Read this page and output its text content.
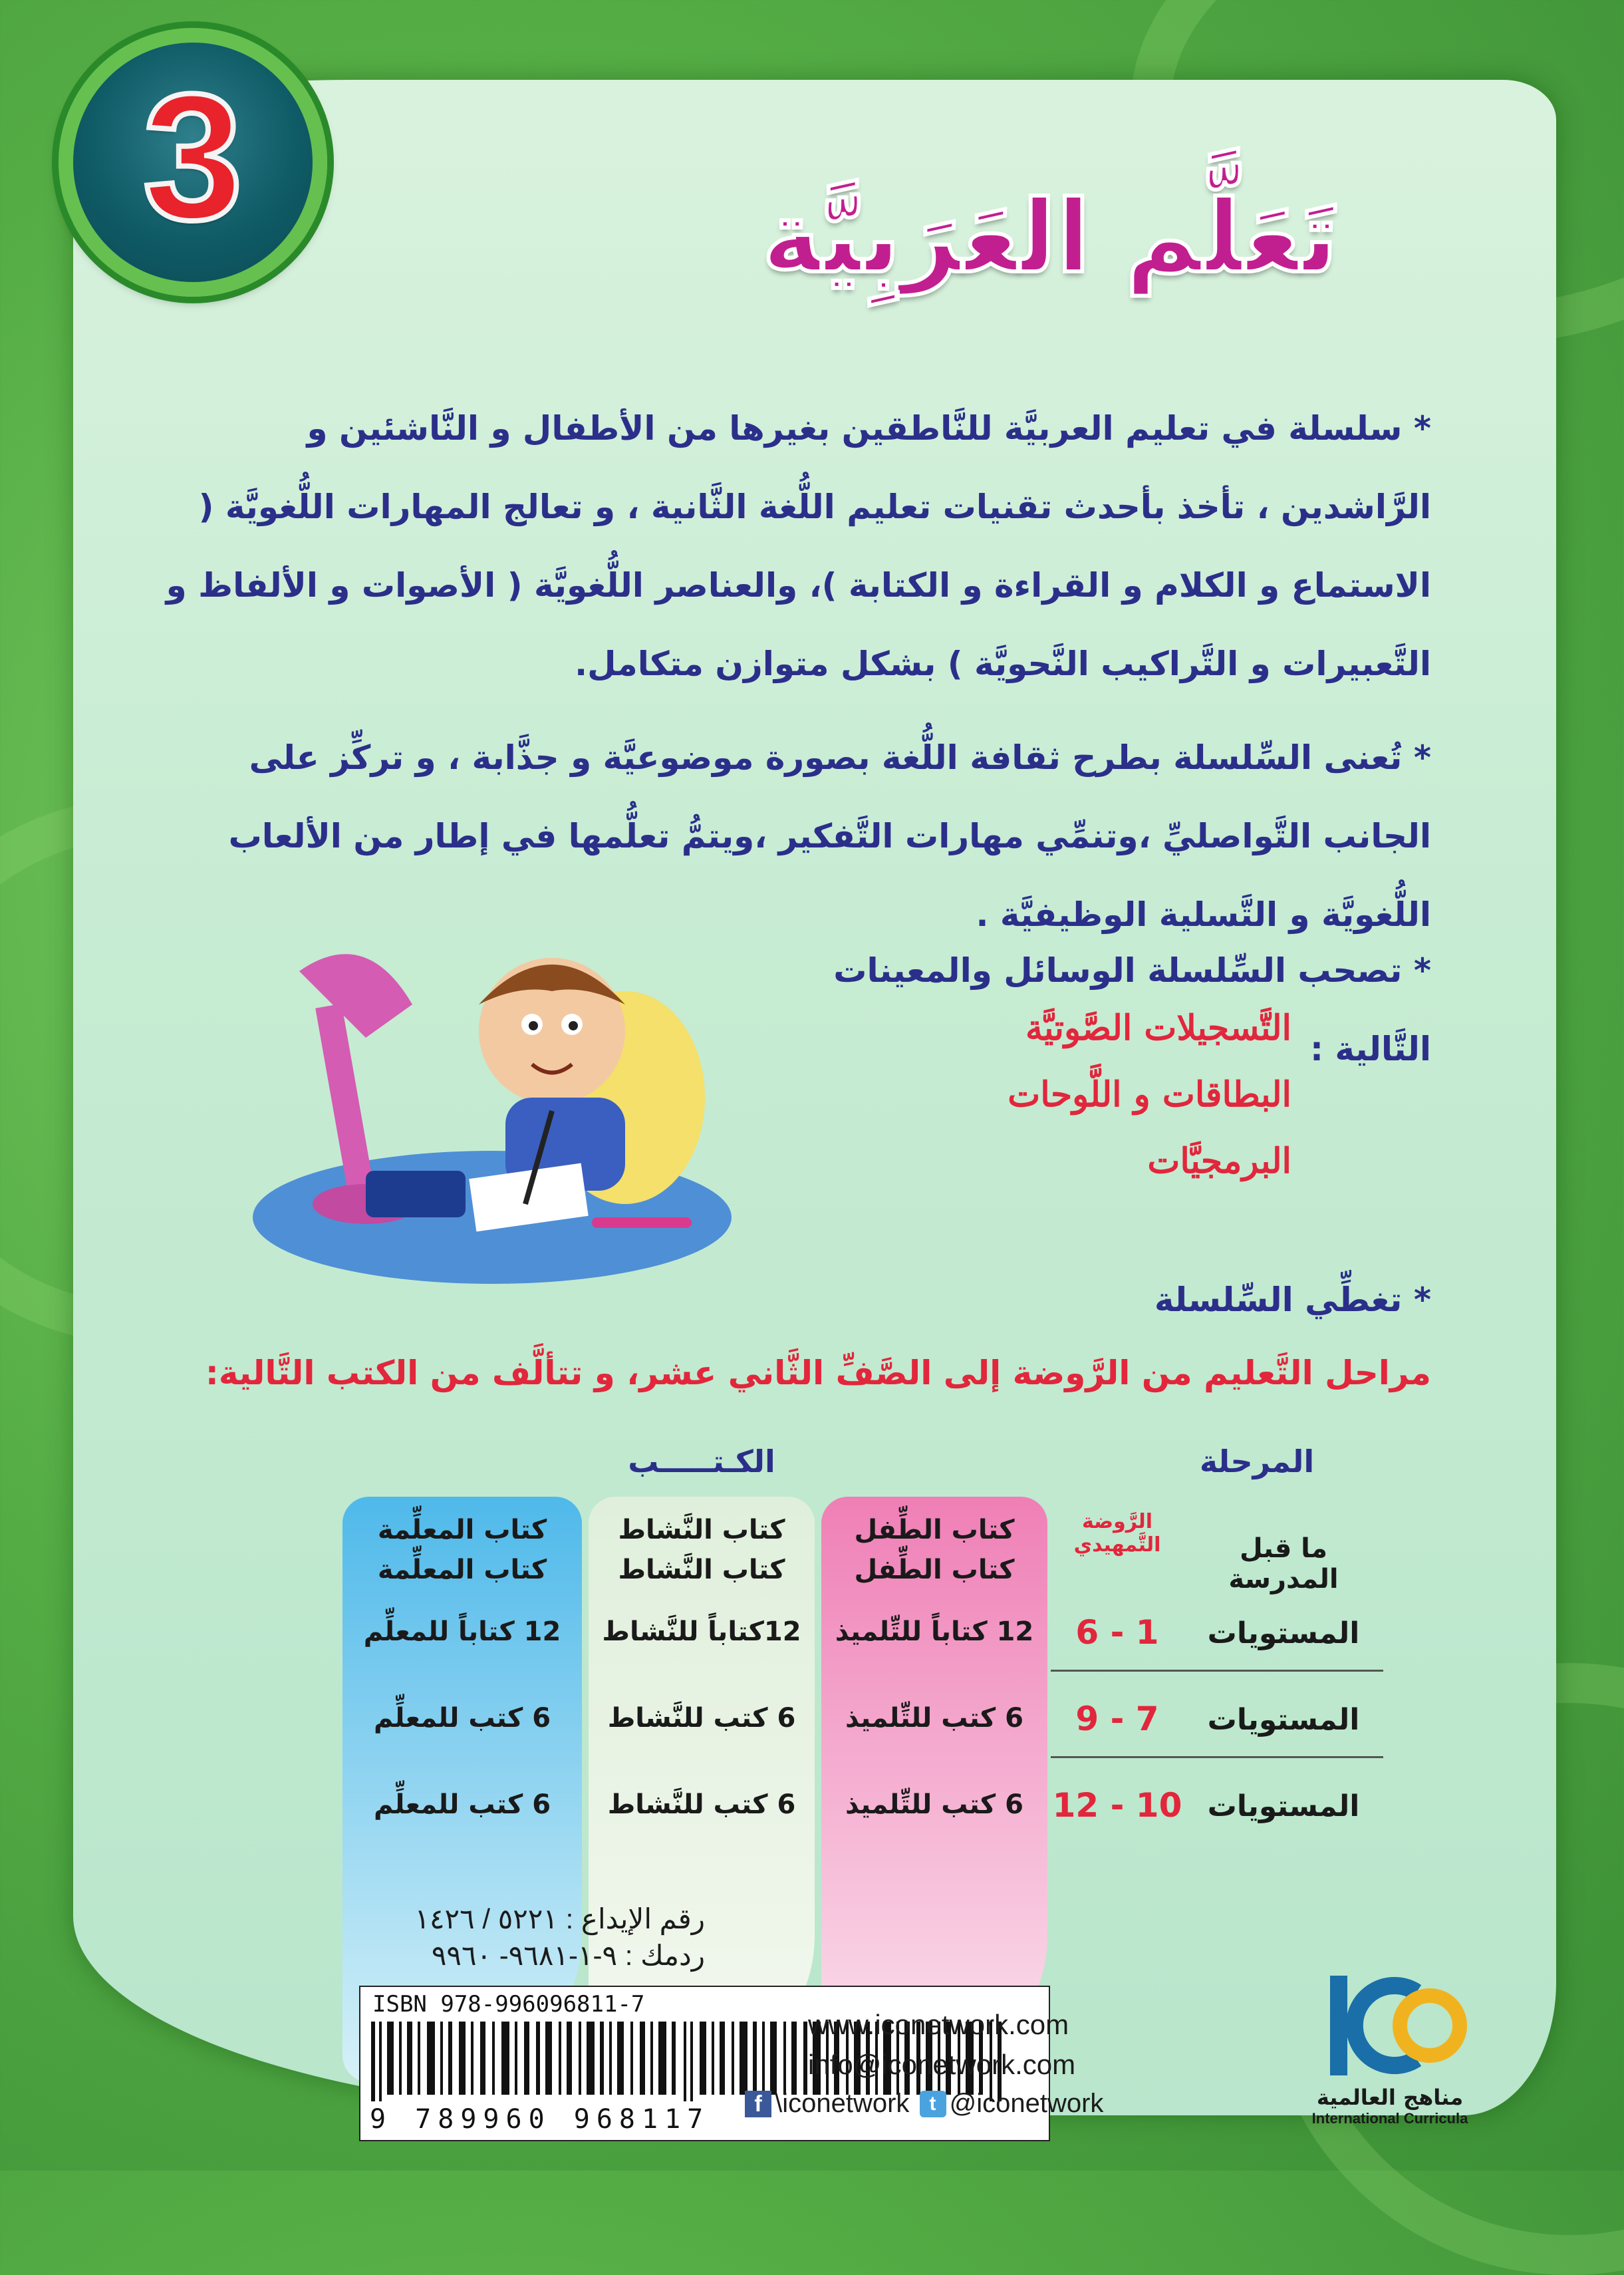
3	تَعَلَّم العَرَبِيَّة
* سلسلة في تعليم العربيَّة للنَّاطقين بغيرها من الأطفال و النَّاشئين و الرَّاشدين ، تأخذ بأحدث تقنيات تعليم اللُّغة الثَّانية ، و تعالج المهارات اللُّغويَّة ( الاستماع و الكلام و القراءة و الكتابة )، والعناصر اللُّغويَّة ( الأصوات و الألفاظ و التَّعبيرات و التَّراكيب النَّحويَّة ) بشكل متوازن متكامل.
* تُعنى السِّلسلة بطرح ثقافة اللُّغة بصورة موضوعيَّة و جذَّابة ، و تركِّز على الجانب التَّواصليِّ ،وتنمِّي مهارات التَّفكير ،ويتمُّ تعلُّمها في إطار من الألعاب اللُّغويَّة و التَّسلية الوظيفيَّة .
* تصحب السِّلسلة الوسائل والمعينات التَّالية :
التَّسجيلات الصَّوتيَّة
البطاقات و اللَّوحات
البرمجيَّات
* تغطِّي السِّلسلة
مراحل التَّعليم من الرَّوضة إلى الصَّفِّ الثَّاني عشر، و تتألَّف من الكتب التَّالية:
المرحلة
الكـتـــــب
ما قبل المدرسة
الرَّوضة
التَّمهيدي
كتاب الطِّفل
كتاب الطِّفل
كتاب النَّشاط
كتاب النَّشاط
كتاب المعلِّمة
كتاب المعلِّمة
المستويات
1 - 6
12 كتاباً للتِّلميذ
12كتاباً للنَّشاط
12 كتاباً للمعلِّم
المستويات
7 - 9
6 كتب للتِّلميذ
6 كتب للنَّشاط
6 كتب للمعلِّم
المستويات
10 - 12
6 كتب للتِّلميذ
6 كتب للنَّشاط
6 كتب للمعلِّم
رقم الإيداع : ٥٢٢١ / ١٤٢٦
ردمك : ٩-١-٩٦٨١- ٩٩٦٠
ISBN 978-996096811-7
9 789960 968117
www.iconetwork.com
info@iconetwork.com
f \iconetwork t @iconetwork	مناهج العالمية
International Curricula
